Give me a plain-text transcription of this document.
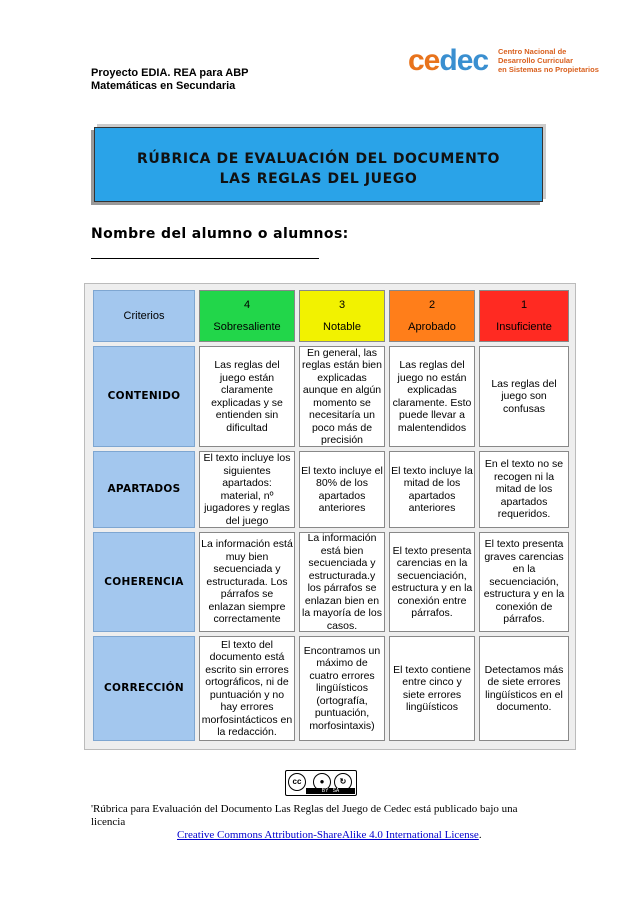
Proyecto EDIA. REA para ABP
Matemáticas en Secundaria
cedec Centro Nacional de
Desarrollo Curricular
en Sistemas no Propietarios
RÚBRICA DE EVALUACIÓN DEL DOCUMENTO
LAS REGLAS DEL JUEGO
Nombre del alumno o alumnos:
Criterios
4
Sobresaliente
3
Notable
2
Aprobado
1
Insuficiente
CONTENIDO
Las reglas del juego están claramente explicadas y se entienden sin dificultad
En general, las reglas están bien explicadas aunque en algún momento se necesitaría un poco más de precisión
Las reglas del juego no están explicadas claramente. Esto puede llevar a malentendidos
Las reglas del juego son confusas
APARTADOS
El texto incluye los siguientes apartados: material, nº jugadores y reglas del juego
El texto incluye el 80% de los apartados anteriores
El texto incluye la mitad de los apartados anteriores
En el texto no se recogen ni la mitad de los apartados requeridos.
COHERENCIA
La información está muy bien secuenciada y estructurada. Los párrafos se enlazan siempre correctamente
La información está bien secuenciada y estructurada.y los párrafos se enlazan bien en la mayoría de los casos.
El texto presenta carencias en la secuenciación, estructura y en la conexión entre párrafos.
El texto presenta graves carencias en la secuenciación, estructura y en la conexión de párrafos.
CORRECCIÓN
El texto del documento está escrito sin errores ortográficos, ni de puntuación y no hay errores morfosintácticos en la redacción.
Encontramos un máximo de cuatro errores lingüísticos (ortografía, puntuación, morfosintaxis)
El texto contiene entre cinco y siete errores lingüísticos
Detectamos más de siete errores lingüísticos en el documento.
cc	●	↻
BY SA
'Rúbrica para Evaluación del Documento Las Reglas del Juego de Cedec está publicado bajo una licencia
Creative Commons Attribution-ShareAlike 4.0 International License.
